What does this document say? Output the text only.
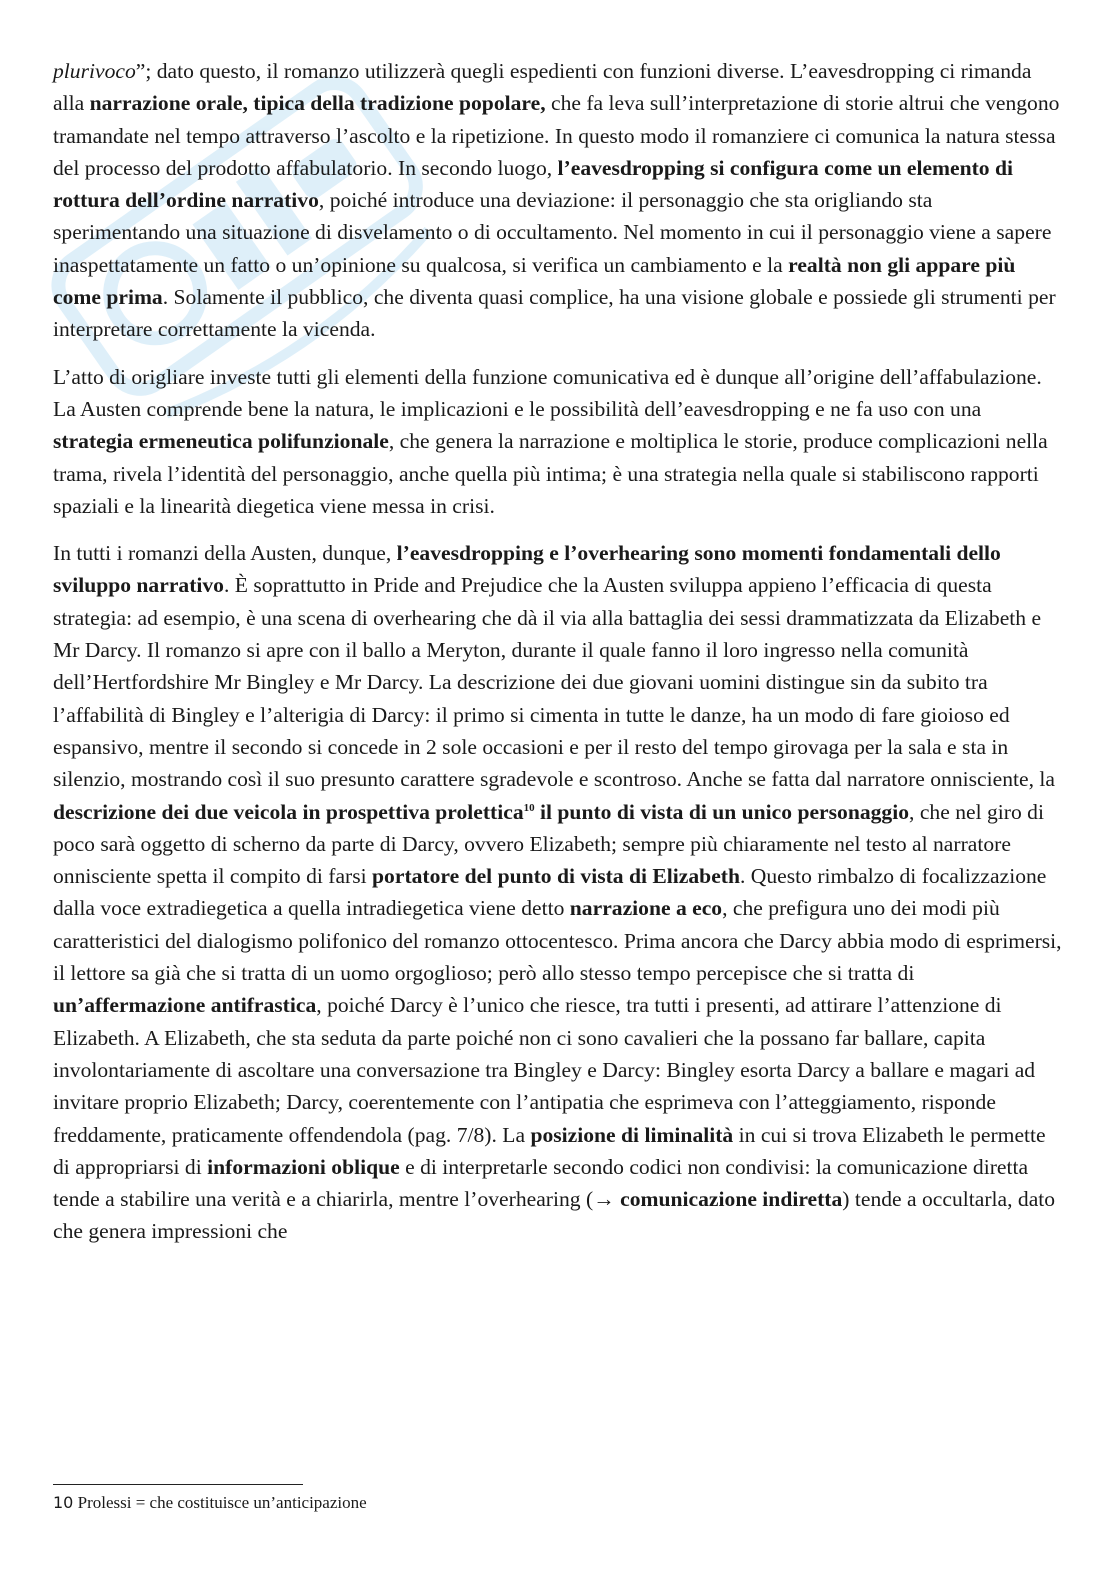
plurivoco”; dato questo, il romanzo utilizzerà quegli espedienti con funzioni diverse. L’eavesdropping ci rimanda alla narrazione orale, tipica della tradizione popolare, che fa leva sull’interpretazione di storie altrui che vengono tramandate nel tempo attraverso l’ascolto e la ripetizione. In questo modo il romanziere ci comunica la natura stessa del processo del prodotto affabulatorio. In secondo luogo, l’eavesdropping si configura come un elemento di rottura dell’ordine narrativo, poiché introduce una deviazione: il personaggio che sta origliando sta sperimentando una situazione di disvelamento o di occultamento. Nel momento in cui il personaggio viene a sapere inaspettatamente un fatto o un’opinione su qualcosa, si verifica un cambiamento e la realtà non gli appare più come prima. Solamente il pubblico, che diventa quasi complice, ha una visione globale e possiede gli strumenti per interpretare correttamente la vicenda.

L’atto di origliare investe tutti gli elementi della funzione comunicativa ed è dunque all’origine dell’affabulazione. La Austen comprende bene la natura, le implicazioni e le possibilità dell’eavesdropping e ne fa uso con una strategia ermeneutica polifunzionale, che genera la narrazione e moltiplica le storie, produce complicazioni nella trama, rivela l’identità del personaggio, anche quella più intima; è una strategia nella quale si stabiliscono rapporti spaziali e la linearità diegetica viene messa in crisi.

In tutti i romanzi della Austen, dunque, l’eavesdropping e l’overhearing sono momenti fondamentali dello sviluppo narrativo. È soprattutto in Pride and Prejudice che la Austen sviluppa appieno l’efficacia di questa strategia: ad esempio, è una scena di overhearing che dà il via alla battaglia dei sessi drammatizzata da Elizabeth e Mr Darcy. Il romanzo si apre con il ballo a Meryton, durante il quale fanno il loro ingresso nella comunità dell’Hertfordshire Mr Bingley e Mr Darcy. La descrizione dei due giovani uomini distingue sin da subito tra l’affabilità di Bingley e l’alterigia di Darcy: il primo si cimenta in tutte le danze, ha un modo di fare gioioso ed espansivo, mentre il secondo si concede in 2 sole occasioni e per il resto del tempo girovaga per la sala e sta in silenzio, mostrando così il suo presunto carattere sgradevole e scontroso. Anche se fatta dal narratore onnisciente, la descrizione dei due veicola in prospettiva prolettica$^{10}$ il punto di vista di un unico personaggio, che nel giro di poco sarà oggetto di scherno da parte di Darcy, ovvero Elizabeth; sempre più chiaramente nel testo al narratore onnisciente spetta il compito di farsi portatore del punto di vista di Elizabeth. Questo rimbalzo di focalizzazione dalla voce extradiegetica a quella intradiegetica viene detto narrazione a eco, che prefigura uno dei modi più caratteristici del dialogismo polifonico del romanzo ottocentesco. Prima ancora che Darcy abbia modo di esprimersi, il lettore sa già che si tratta di un uomo orgoglioso; però allo stesso tempo percepisce che si tratta di un’affermazione antifrastica, poiché Darcy è l’unico che riesce, tra tutti i presenti, ad attirare l’attenzione di Elizabeth. A Elizabeth, che sta seduta da parte poiché non ci sono cavalieri che la possano far ballare, capita involontariamente di ascoltare una conversazione tra Bingley e Darcy: Bingley esorta Darcy a ballare e magari ad invitare proprio Elizabeth; Darcy, coerentemente con l’antipatia che esprimeva con l’atteggiamento, risponde freddamente, praticamente offendendola (pag. 7/8). La posizione di liminalità in cui si trova Elizabeth le permette di appropriarsi di informazioni oblique e di interpretarle secondo codici non condivisi: la comunicazione diretta tende a stabilire una verità e a chiarirla, mentre l’overhearing (→ comunicazione indiretta) tende a occultarla, dato che genera impressioni che

10 Prolessi = che costituisce un’anticipazione
